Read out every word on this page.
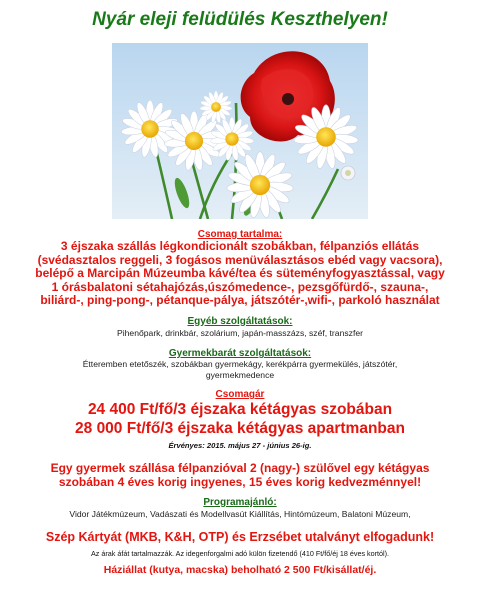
Nyár eleji felüdülés Keszthelyen!

Csomag tartalma:

3 éjszaka szállás légkondicionált szobákban, félpanziós ellátás

(svédasztalos reggeli, 3 fogásos menüválasztásos ebéd vagy vacsora),

belépő a Marcipán Múzeumba kávé/tea és süteményfogyasztással, vagy

1 órásbalatoni sétahajózás,úszómedence-, pezsgőfürdő-, szauna-,

biliárd-, ping-pong-, pétanque-pálya, játszótér-,wifi-, parkoló használat

Egyéb szolgáltatások:

Pihenőpark, drinkbár, szolárium, japán-masszázs, széf, transzfer

Gyermekbarát szolgáltatások:

Étteremben etetőszék, szobákban gyermekágy, kerékpárra gyermekülés, játszótér,

gyermekmedence

Csomagár

24 400 Ft/fő/3 éjszaka kétágyas szobában

28 000 Ft/fő/3 éjszaka kétágyas apartmanban

Érvényes: 2015. május 27 - június 26-ig.

Egy gyermek szállása félpanzióval 2 (nagy-) szülővel egy kétágyas

szobában 4 éves korig ingyenes, 15 éves korig kedvezménnyel!

Programajánló:

Vidor Játékmúzeum, Vadászati és Modellvasút Kiállítás, Hintómúzeum, Balatoni Múzeum,

Szép Kártyát (MKB, K&H, OTP) és Erzsébet utalványt elfogadunk!

Az árak áfát tartalmazzák. Az idegenforgalmi adó külön fizetendő (410 Ft/fő/éj 18 éves kortól).

Háziállat (kutya, macska) beholható 2 500 Ft/kisállat/éj.
